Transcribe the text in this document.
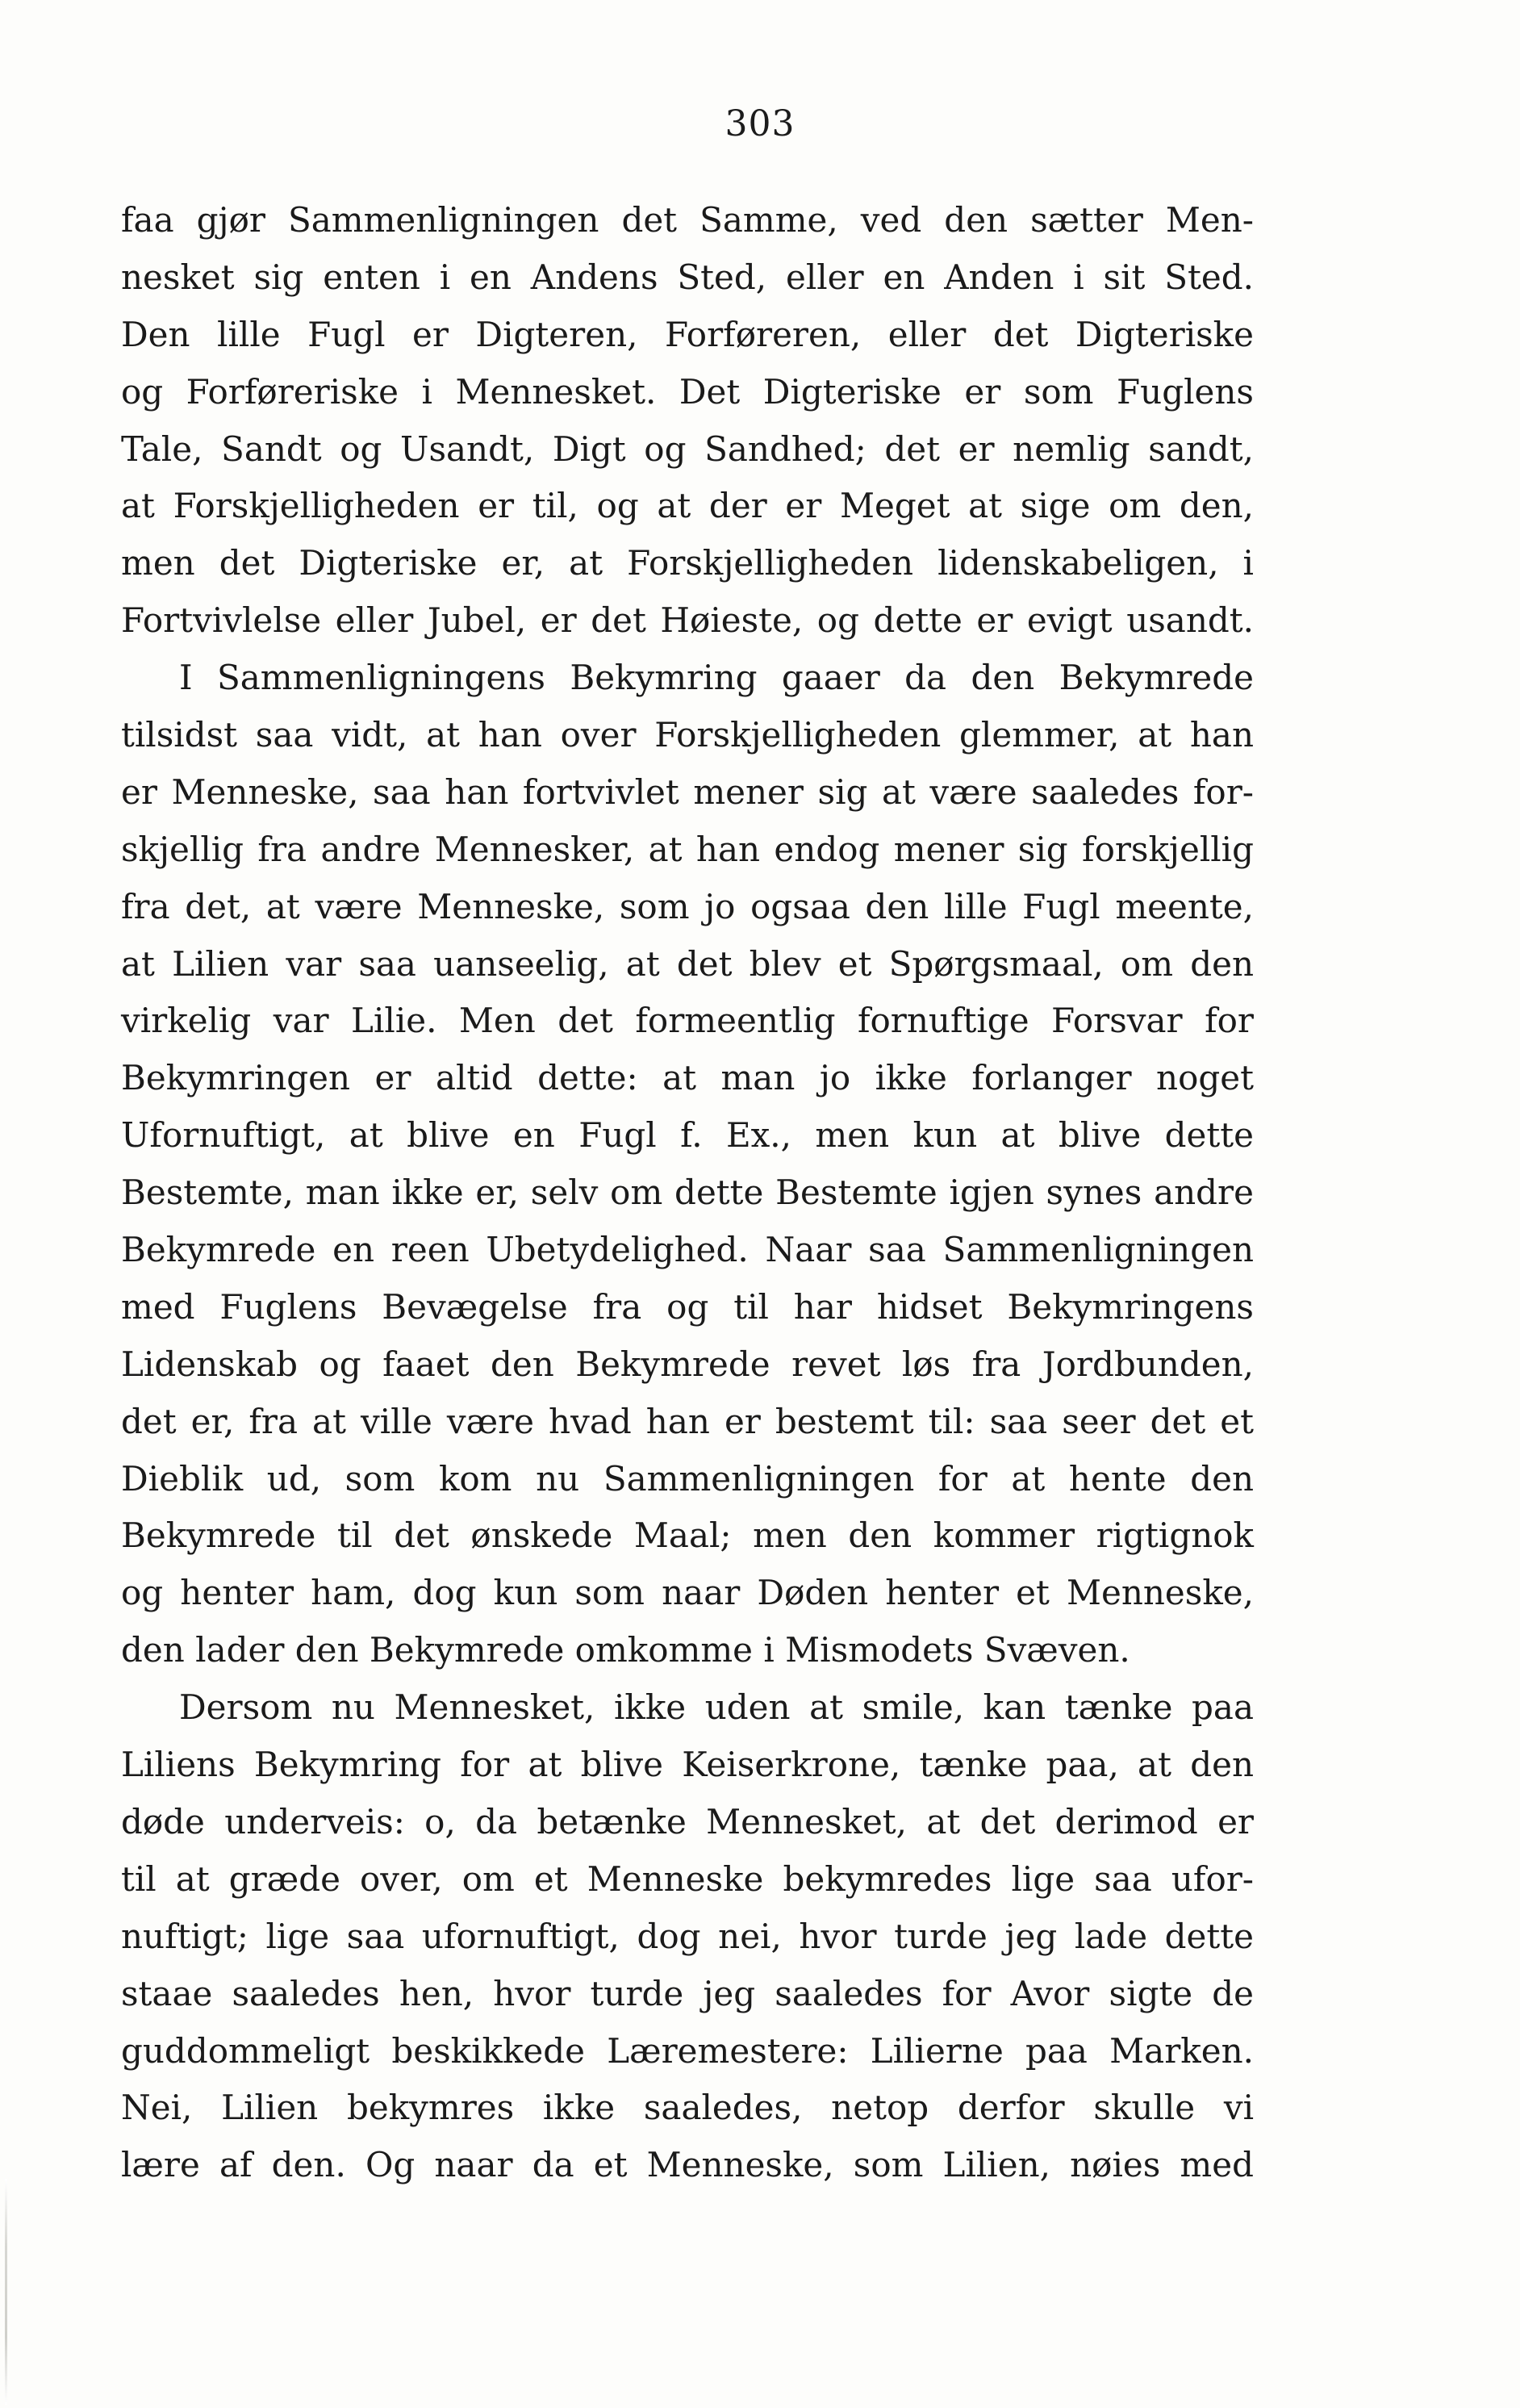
303
faa gjør Sammenligningen det Samme, ved den sætter Men-
nesket sig enten i en Andens Sted, eller en Anden i sit Sted.
Den lille Fugl er Digteren, Forføreren, eller det Digteriske
og Forføreriske i Mennesket. Det Digteriske er som Fuglens
Tale, Sandt og Usandt, Digt og Sandhed; det er nemlig sandt,
at Forskjelligheden er til, og at der er Meget at sige om den,
men det Digteriske er, at Forskjelligheden lidenskabeligen, i
Fortvivlelse eller Jubel, er det Høieste, og dette er evigt usandt.
I Sammenligningens Bekymring gaaer da den Bekymrede
tilsidst saa vidt, at han over Forskjelligheden glemmer, at han
er Menneske, saa han fortvivlet mener sig at være saaledes for-
skjellig fra andre Mennesker, at han endog mener sig forskjellig
fra det, at være Menneske, som jo ogsaa den lille Fugl meente,
at Lilien var saa uanseelig, at det blev et Spørgsmaal, om den
virkelig var Lilie. Men det formeentlig fornuftige Forsvar for
Bekymringen er altid dette: at man jo ikke forlanger noget
Ufornuftigt, at blive en Fugl f. Ex., men kun at blive dette
Bestemte, man ikke er, selv om dette Bestemte igjen synes andre
Bekymrede en reen Ubetydelighed. Naar saa Sammenligningen
med Fuglens Bevægelse fra og til har hidset Bekymringens
Lidenskab og faaet den Bekymrede revet løs fra Jordbunden,
det er, fra at ville være hvad han er bestemt til: saa seer det et
Dieblik ud, som kom nu Sammenligningen for at hente den
Bekymrede til det ønskede Maal; men den kommer rigtignok
og henter ham, dog kun som naar Døden henter et Menneske,
den lader den Bekymrede omkomme i Mismodets Svæven.
Dersom nu Mennesket, ikke uden at smile, kan tænke paa
Liliens Bekymring for at blive Keiserkrone, tænke paa, at den
døde underveis: o, da betænke Mennesket, at det derimod er
til at græde over, om et Menneske bekymredes lige saa ufor-
nuftigt; lige saa ufornuftigt, dog nei, hvor turde jeg lade dette
staae saaledes hen, hvor turde jeg saaledes for Avor sigte de
guddommeligt beskikkede Læremestere: Lilierne paa Marken.
Nei, Lilien bekymres ikke saaledes, netop derfor skulle vi
lære af den. Og naar da et Menneske, som Lilien, nøies med
